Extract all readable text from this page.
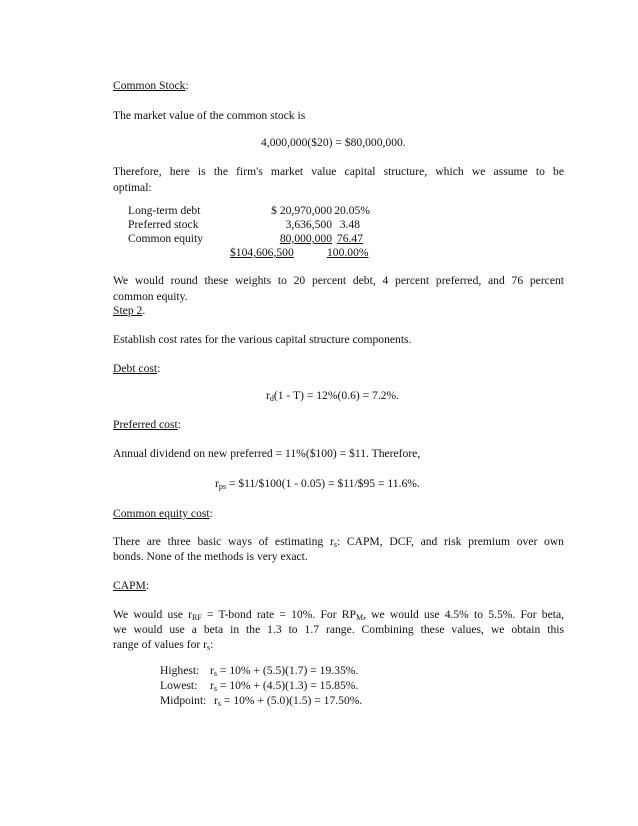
Common Stock:
The market value of the common stock is
4,000,000($20) = $80,000,000.
Therefore, here is the firm's market value capital structure, which we assume to be
optimal:
Long-term debt	$ 20,970,000 20.05%
Preferred stock	3,636,500 3.48
Common equity	80,000,000 76.47
$104,606,500	100.00%
We would round these weights to 20 percent debt, 4 percent preferred, and 76 percent
common equity.
Step 2.
Establish cost rates for the various capital structure components.
Debt cost:
$r_d(1 - T) = 12\%(0.6) = 7.2\%$.
Preferred cost:
Annual dividend on new preferred = 11%($100) = $11. Therefore,
$r_{ps}$ = $11/$100(1 - 0.05) = $11/$95 = 11.6%.
Common equity cost:
There are three basic ways of estimating $r_s$: CAPM, DCF, and risk premium over own
bonds. None of the methods is very exact.
CAPM:
We would use $r_{RF}$ = T-bond rate = 10%. For $RP_M$, we would use 4.5% to 5.5%. For beta,
we would use a beta in the 1.3 to 1.7 range. Combining these values, we obtain this
range of values for $r_s$:
Highest: $r_s = 10\% + (5.5)(1.7) = 19.35\%$.
Lowest: $r_s = 10\% + (4.5)(1.3) = 15.85\%$.
Midpoint: $r_s = 10\% + (5.0)(1.5) = 17.50\%$.
